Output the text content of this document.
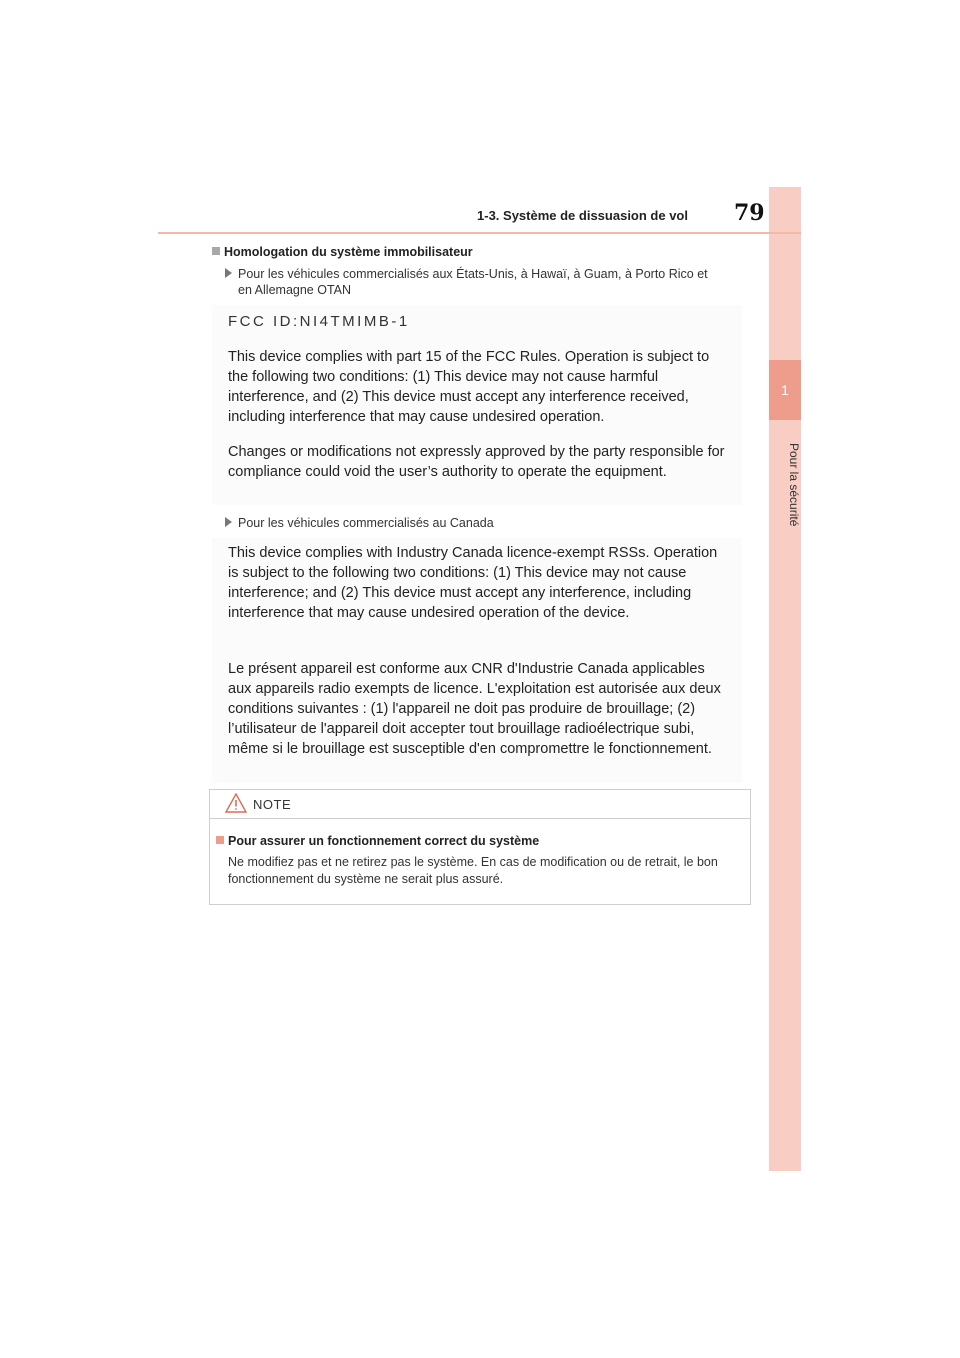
1
Pour la sécurité
1-3. Système de dissuasion de vol 79
Homologation du système immobilisateur
Pour les véhicules commercialisés aux États-Unis, à Hawaï, à Guam, à Porto Rico et
en Allemagne OTAN
FCC ID:NI4TMIMB-1
This device complies with part 15 of the FCC Rules. Operation is subject to the following two conditions: (1) This device may not cause harmful interference, and (2) This device must accept any interference received, including interference that may cause undesired operation.
Changes or modifications not expressly approved by the party responsible for compliance could void the user’s authority to operate the equipment.
Pour les véhicules commercialisés au Canada
This device complies with Industry Canada licence-exempt RSSs. Operation is subject to the following two conditions: (1) This device may not cause interference; and (2) This device must accept any interference, including interference that may cause undesired operation of the device.
Le présent appareil est conforme aux CNR d'Industrie Canada applicables aux appareils radio exempts de licence. L'exploitation est autorisée aux deux conditions suivantes : (1) l'appareil ne doit pas produire de brouillage; (2) l’utilisateur de l'appareil doit accepter tout brouillage radioélectrique subi, même si le brouillage est susceptible d'en compromettre le fonctionnement.
NOTE
Pour assurer un fonctionnement correct du système
Ne modifiez pas et ne retirez pas le système. En cas de modification ou de retrait, le bon fonctionnement du système ne serait plus assuré.
